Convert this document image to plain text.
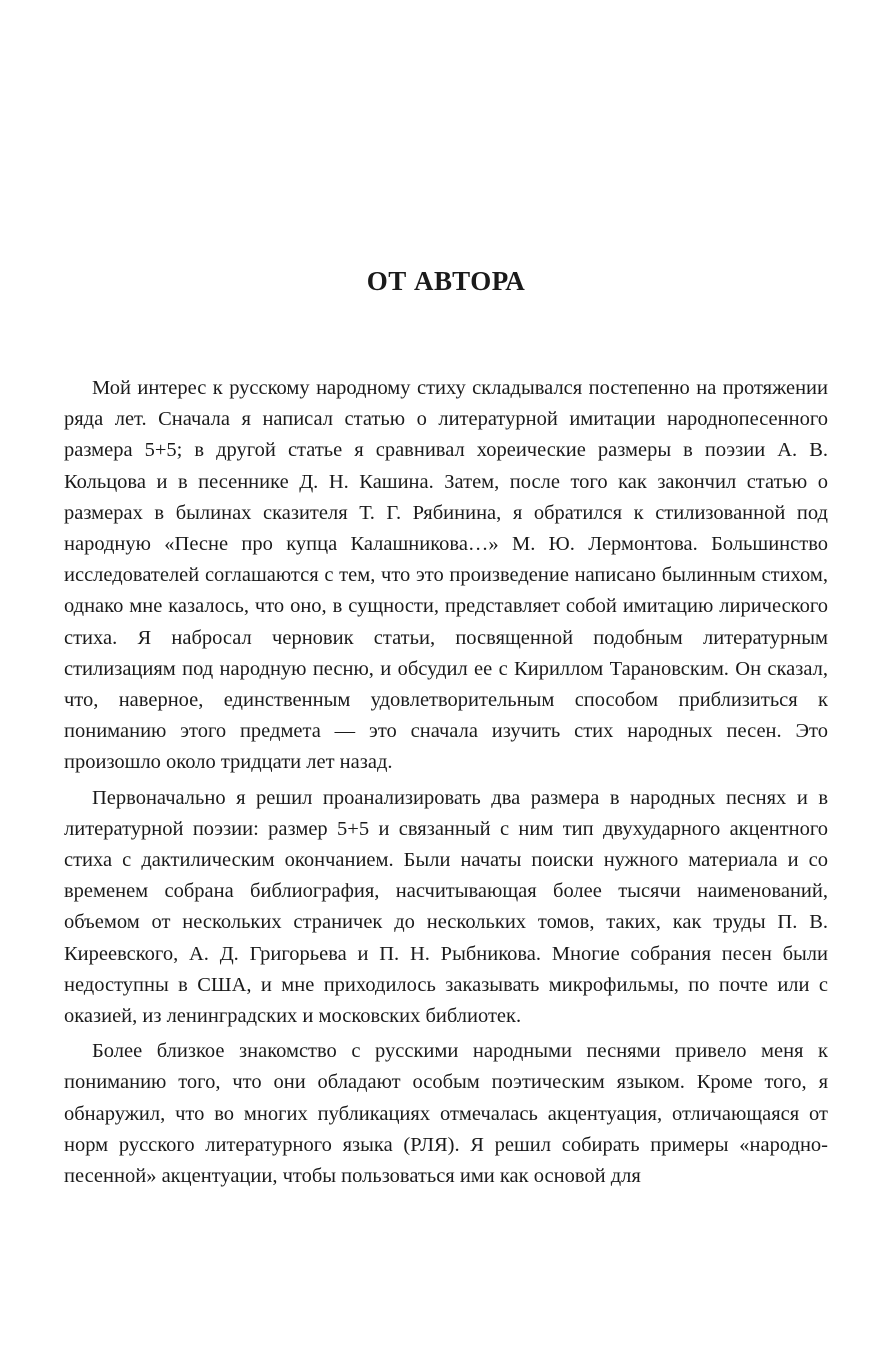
ОТ АВТОРА

Мой интерес к русскому народному стиху складывался постепенно на протяжении ряда лет. Сначала я написал статью о литературной имитации народнопесенного размера 5+5; в другой статье я сравнивал хореические размеры в поэзии А. В. Кольцова и в песеннике Д. Н. Кашина. Затем, после того как закончил статью о размерах в былинах сказителя Т. Г. Рябинина, я обратился к стилизованной под народную «Песне про купца Калашникова…» М. Ю. Лермонтова. Большинство исследователей соглашаются с тем, что это произведение написано былинным стихом, однако мне казалось, что оно, в сущности, представляет собой имитацию лирического стиха. Я набросал черновик статьи, посвященной подобным литературным стилизациям под народную песню, и обсудил ее с Кириллом Тарановским. Он сказал, что, наверное, единственным удовлетворительным способом приблизиться к пониманию этого предмета — это сначала изучить стих народных песен. Это произошло около тридцати лет назад.

Первоначально я решил проанализировать два размера в народных песнях и в литературной поэзии: размер 5+5 и связанный с ним тип двухударного акцентного стиха с дактилическим окончанием. Были начаты поиски нужного материала и со временем собрана библиография, насчитывающая более тысячи наименований, объемом от нескольких страничек до нескольких томов, таких, как труды П. В. Киреевского, А. Д. Григорьева и П. Н. Рыбникова. Многие собрания песен были недоступны в США, и мне приходилось заказывать микрофильмы, по почте или с оказией, из ленинградских и московских библиотек.

Более близкое знакомство с русскими народными песнями привело меня к пониманию того, что они обладают особым поэтическим языком. Кроме того, я обнаружил, что во многих публикациях отмечалась акцентуация, отличающаяся от норм русского литературного языка (РЛЯ). Я решил собирать примеры «народно-песенной» акцентуации, чтобы пользоваться ими как основой для
